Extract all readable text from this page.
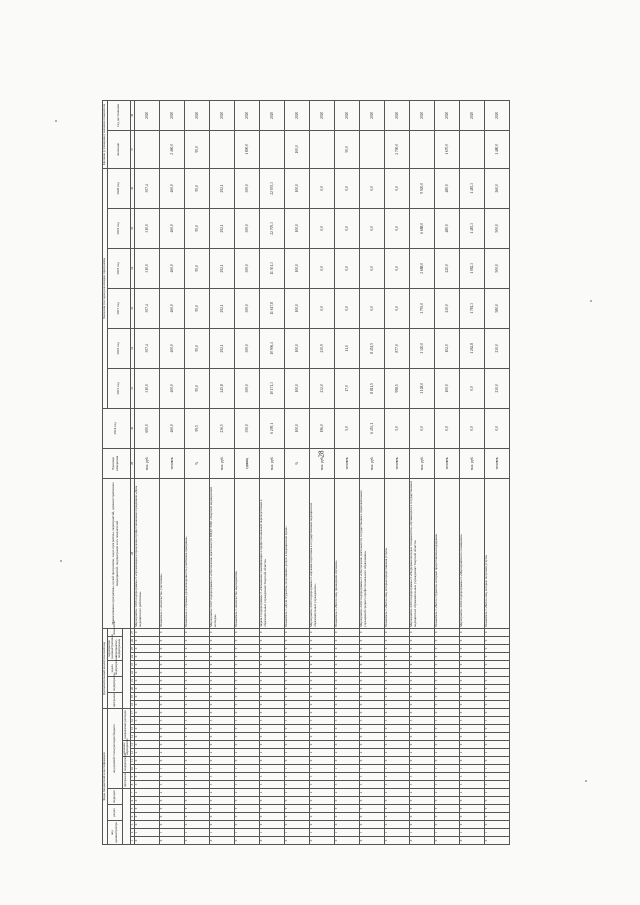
28
Коды бюджетной классификации																	Дополнительный аналитический код										Наименование программы, целей программы, задач программы, мероприятий, административных мероприятий, подпрограмм и их показателей	Единица измерения	2014 год	Значения по годам реализации программы						Целевое (суммарное) значение показателя	
код администратора			раздел		подраздел		код целевой статьи расходов бюджета										программа		подпрограмма		задача подпрограммы		мероприятие (административное мероприятие) подпрограммы			показатель				2015 год	2016 год	2017 год	2018 год	2019 год	2020 год	значение	год достижения
							программа		подпрограмма		основное мероприятие		направление расходов																								
1	2	3	4	5	6	7	8	9	10	11	12	13	14	15	16	17	18	19	20	21	22	23	24	25	26	27	28	29	30	31	32	33	34	35	36	37	38
0	1	0	0	9	0	2	3	3	1	0	2	0	0	0	3	0	0	0	0	0	0	0	0	0	0	0	Мероприятие 1.006 подпрограммы 3 «Организация и проведение профессиональных праздников «День медицинского работника»	тыс. руб.	600,0	310,0	307,4	307,4	310,0	310,0	307,4		2020
0	1	0	0	9	0	2	3	3	1	0	2	0	0	0	3	0	0	0	0	0	0	0	0	0	0	0	Показатель 1 «Количество участников»	человек	460,0	400,0	400,0	460,0	460,0	460,0	460,0	2 460,0	2020
0	1	0	0	9	0	2	3	3	1	0	2	0	0	0	3	0	0	0	0	0	0	0	0	0	0	0	Показатель 2 «Уровень удовлетворенности участников праздника»	%	99,5	95,0	95,0	95,0	95,0	95,0	95,0	95,0	2020
0	1	0	0	9	0	2	3	3	1	0	2	0	0	0	3	0	0	0	0	0	0	0	0	0	0	0	Мероприятие 3.007 подпрограммы 3 «Обеспечение деятельности ВНДУ ВПО «Тверской медицинский колледж»	тыс. руб.	236,5	245,8	292,1	292,1	292,1	292,1	292,1		2020
0	1	0	0	9	0	2	3	3	1	0	2	0	0	0	3	0	0	0	0	0	0	0	0	0	0	0	Показатель 1 «Количество мероприятий»	единиц	350,0	300,0	300,0	300,0	300,0	300,0	300,0	1 800,0	2020
0	1	0	0	9	0	2	3	3	1	0	2	0	0	0	3	0	0	0	0	0	0	0	0	0	0	0	Задача 4 подпрограммы 3 «Повышение квалификации и профессиональной переподготовки в образовательных учреждениях Тверской области»	тыс. руб.	6 209,1	10 171,3	10 906,1	11 617,8	11 301,3	22 705,3	22 935,3		2020
0	1	0	0	9	0	2	3	3	1	0	2	0	0	0	3	0	0	0	0	0	0	0	0	0	0	0	Показатель 1 «Доля студентов, получивших допуск в медицинских вузах»	%	100,0	100,0	100,0	100,0	100,0	100,0	100,0	100,0	2020
0	1	0	0	9	0	2	3	3	1	0	2	0	0	0	3	0	0	0	0	0	0	0	0	0	0	0	Мероприятие 4.003 подпрограммы 3 «Целевая подготовка в государственных медицинских образовательных учреждениях»	тыс. руб.	196,0	232,0	230,9	0,0	0,0	0,0	0,0		2020
0	1	0	0	9	0	2	3	3	1	0	2	0	0	0	3	0	0	0	0	0	0	0	0	0	0	0	Показатель 1 «Число лиц, прошедших обучение»	человек	5,0	17,0	11,0	0,0	0,0	0,0	0,0	50,0	2020
0	1	0	0	9	0	2	3	3	1	0	2	0	0	0	3	0	0	0	0	0	0	0	0	0	0	0	Мероприятие 4.002 подпрограммы 3 «Обеспечение деятельности государственных образовательных учреждений среднего профессионального образования»	тыс. руб.	6 453,1	8 811,5	8 451,5	0,0	0,0	0,0	0,0		2020
0	1	0	0	9	0	2	3	3	1	0	2	0	0	0	3	0	0	0	0	0	0	0	0	0	0	0	Показатель 1 «Число лиц, которым предоставлена услуга»	человек	5,0	998,5	877,0	0,0	0,0	0,0	0,0	2 700,0	2020
0	1	0	0	9	0	2	3	3	1	0	2	0	0	0	3	0	0	0	0	0	0	0	0	0	0	0	Мероприятие 4.003 подпрограммы 3 «Поддержка молодых специалистов, обучающихся в государственных медицинских образовательных учреждениях Тверской области»	тыс. руб.	0,0	1 128,0	1 320,0	1 793,0	2 688,0	6 688,0	9 920,0		2020
0	1	0	0	9	0	2	3	3	1	0	2	0	0	0	3	0	0	0	0	0	0	0	0	0	0	0	Показатель 1 «Число студентов, которым предоставлена поддержка»	человек	0,0	100,0	102,0	230,0	220,0	480,0	480,0	1 670,0	2020
0	1	0	0	9	0	2	3	3	1	0	2	0	0	0	3	0	0	0	0	0	0	0	0	0	0	0	Мероприятие 4.004 подпрограммы 3 «Мероприятия по оснащению»	тыс. руб.	0,0	0,0	1 262,8	1 781,3	1 082,3	1 483,3	1 483,3		2020
0	1	0	0	9	0	2	3	3	1	0	2	0	0	0	3	0	0	0	0	0	0	0	0	0	0	0	Показатель 1 «Число лиц, которые получили услуги»	человек	0,0	230,0	230,0	580,0	500,0	500,0	260,0	1 480,0	2020
